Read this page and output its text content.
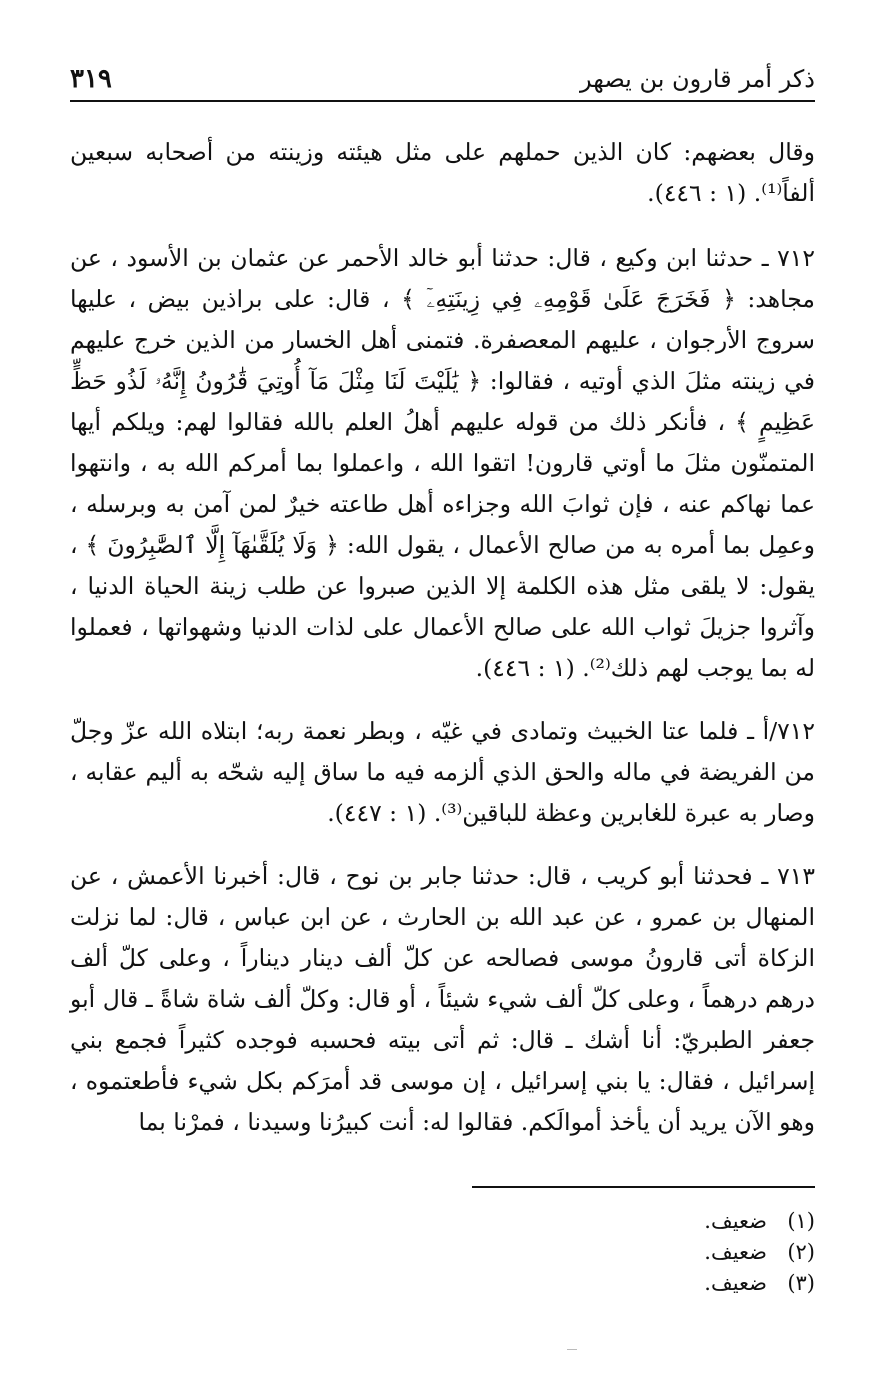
ذكر أمر قارون بن يصهر
٣١٩

وقال بعضهم: كان الذين حملهم على مثل هيئته وزينته من أصحابه سبعين ألفاً⁽¹⁾. (١ : ٤٤٦).

٧١٢ ـ حدثنا ابن وكيع ، قال: حدثنا أبو خالد الأحمر عن عثمان بن الأسود ، عن مجاهد: ﴿ فَخَرَجَ عَلَىٰ قَوْمِهِۦ فِي زِينَتِهِۦٓ ﴾ ، قال: على براذين بيض ، عليها سروج الأرجوان ، عليهم المعصفرة. فتمنى أهل الخسار من الذين خرج عليهم في زينته مثلَ الذي أوتيه ، فقالوا: ﴿ يَٰلَيْتَ لَنَا مِثْلَ مَآ أُوتِيَ قَٰرُونُ إِنَّهُۥ لَذُو حَظٍّ عَظِيمٍ ﴾ ، فأنكر ذلك من قوله عليهم أهلُ العلم بالله فقالوا لهم: ويلكم أيها المتمنّون مثلَ ما أوتي قارون! اتقوا الله ، واعملوا بما أمركم الله به ، وانتهوا عما نهاكم عنه ، فإن ثوابَ الله وجزاءه أهل طاعته خيرٌ لمن آمن به وبرسله ، وعمِل بما أمره به من صالح الأعمال ، يقول الله: ﴿ وَلَا يُلَقَّىٰهَآ إِلَّا ٱلصَّٰبِرُونَ ﴾ ، يقول: لا يلقى مثل هذه الكلمة إلا الذين صبروا عن طلب زينة الحياة الدنيا ، وآثروا جزيلَ ثواب الله على صالح الأعمال على لذات الدنيا وشهواتها ، فعملوا له بما يوجب لهم ذلك⁽²⁾. (١ : ٤٤٦).

٧١٢/أ ـ فلما عتا الخبيث وتمادى في غيّه ، وبطر نعمة ربه؛ ابتلاه الله عزّ وجلّ من الفريضة في ماله والحق الذي ألزمه فيه ما ساق إليه شحّه به أليم عقابه ، وصار به عبرة للغابرين وعظة للباقين⁽³⁾. (١ : ٤٤٧).

٧١٣ ـ فحدثنا أبو كريب ، قال: حدثنا جابر بن نوح ، قال: أخبرنا الأعمش ، عن المنهال بن عمرو ، عن عبد الله بن الحارث ، عن ابن عباس ، قال: لما نزلت الزكاة أتى قارونُ موسى فصالحه عن كلّ ألف دينار ديناراً ، وعلى كلّ ألف درهم درهماً ، وعلى كلّ ألف شيء شيئاً ، أو قال: وكلّ ألف شاة شاةً ـ قال أبو جعفر الطبريّ: أنا أشك ـ قال: ثم أتى بيته فحسبه فوجده كثيراً فجمع بني إسرائيل ، فقال: يا بني إسرائيل ، إن موسى قد أمرَكم بكل شيء فأطعتموه ، وهو الآن يريد أن يأخذ أموالَكم. فقالوا له: أنت كبيرُنا وسيدنا ، فمرْنا بما

(١)
ضعيف.
(٢)
ضعيف.
(٣)
ضعيف.
